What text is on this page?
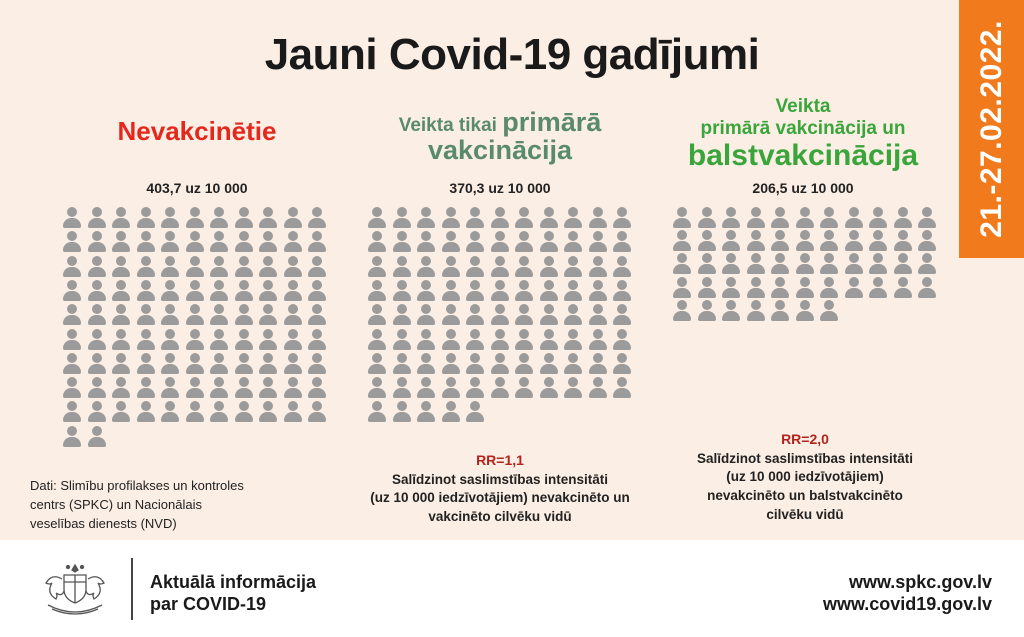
Jauni Covid-19 gadījumi	21.-27.02.2022.
Nevakcinētie
403,7 uz 10 000
Veikta tikai primārā
vakcinācija
370,3 uz 10 000
Veikta
primārā vakcinācija un
balstvakcinācija
206,5 uz 10 000
Dati: Slimību profilakses un kontroles
centrs (SPKC) un Nacionālais
veselības dienests (NVD)
RR=1,1
Salīdzinot saslimstības intensitāti
(uz 10 000 iedzīvotājiem) nevakcinēto un
vakcinēto cilvēku vidū
RR=2,0
Salīdzinot saslimstības intensitāti
(uz 10 000 iedzīvotājiem)
nevakcinēto un balstvakcinēto
cilvēku vidū
Aktuālā informācija
par COVID-19
www.spkc.gov.lv
www.covid19.gov.lv
